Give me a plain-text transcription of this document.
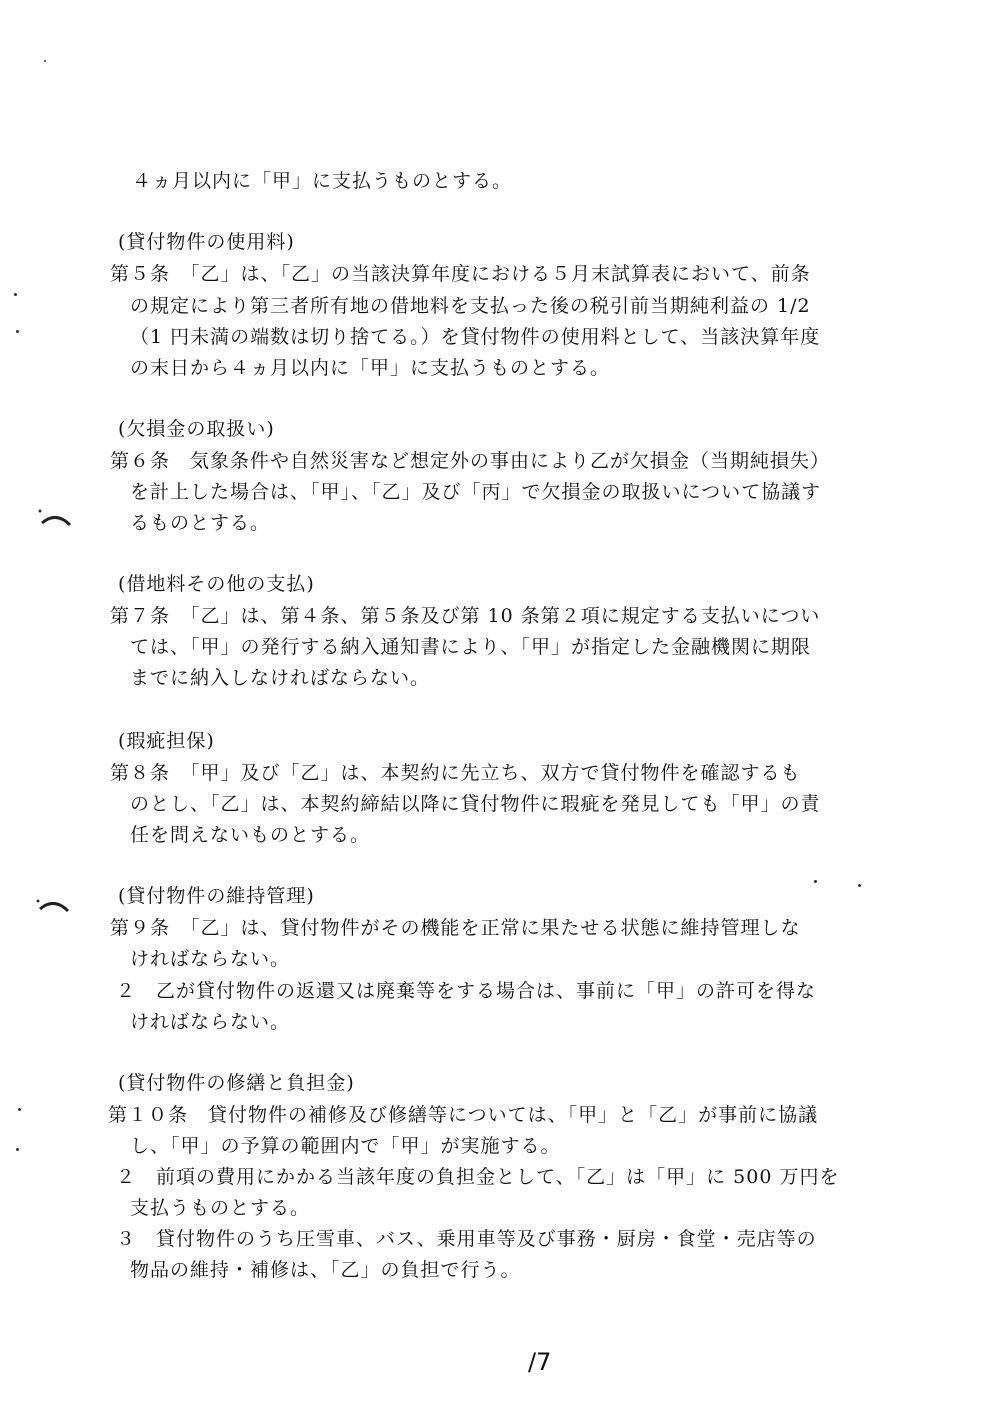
４ヵ月以内に「甲」に支払うものとする。
(貸付物件の使用料)
第５条　「乙」は、「乙」の当該決算年度における５月末試算表において、前条
の規定により第三者所有地の借地料を支払った後の税引前当期純利益の 1/2
（1 円未満の端数は切り捨てる。）を貸付物件の使用料として、当該決算年度
の末日から４ヵ月以内に「甲」に支払うものとする。
(欠損金の取扱い)
第６条　気象条件や自然災害など想定外の事由により乙が欠損金（当期純損失）
を計上した場合は、「甲」、「乙」及び「丙」で欠損金の取扱いについて協議す
るものとする。
(借地料その他の支払)
第７条　「乙」は、第４条、第５条及び第 10 条第２項に規定する支払いについ
ては、「甲」の発行する納入通知書により、「甲」が指定した金融機関に期限
までに納入しなければならない。
(瑕疵担保)
第８条　「甲」及び「乙」は、本契約に先立ち、双方で貸付物件を確認するも
のとし、「乙」は、本契約締結以降に貸付物件に瑕疵を発見しても「甲」の責
任を問えないものとする。
(貸付物件の維持管理)
第９条　「乙」は、貸付物件がその機能を正常に果たせる状態に維持管理しな
ければならない。
２　乙が貸付物件の返還又は廃棄等をする場合は、事前に「甲」の許可を得な
ければならない。
(貸付物件の修繕と負担金)
第１０条　貸付物件の補修及び修繕等については、「甲」と「乙」が事前に協議
し、「甲」の予算の範囲内で「甲」が実施する。
２　前項の費用にかかる当該年度の負担金として、「乙」は「甲」に 500 万円を
支払うものとする。
３　貸付物件のうち圧雪車、バス、乗用車等及び事務・厨房・食堂・売店等の
物品の維持・補修は、「乙」の負担で行う。
/7
